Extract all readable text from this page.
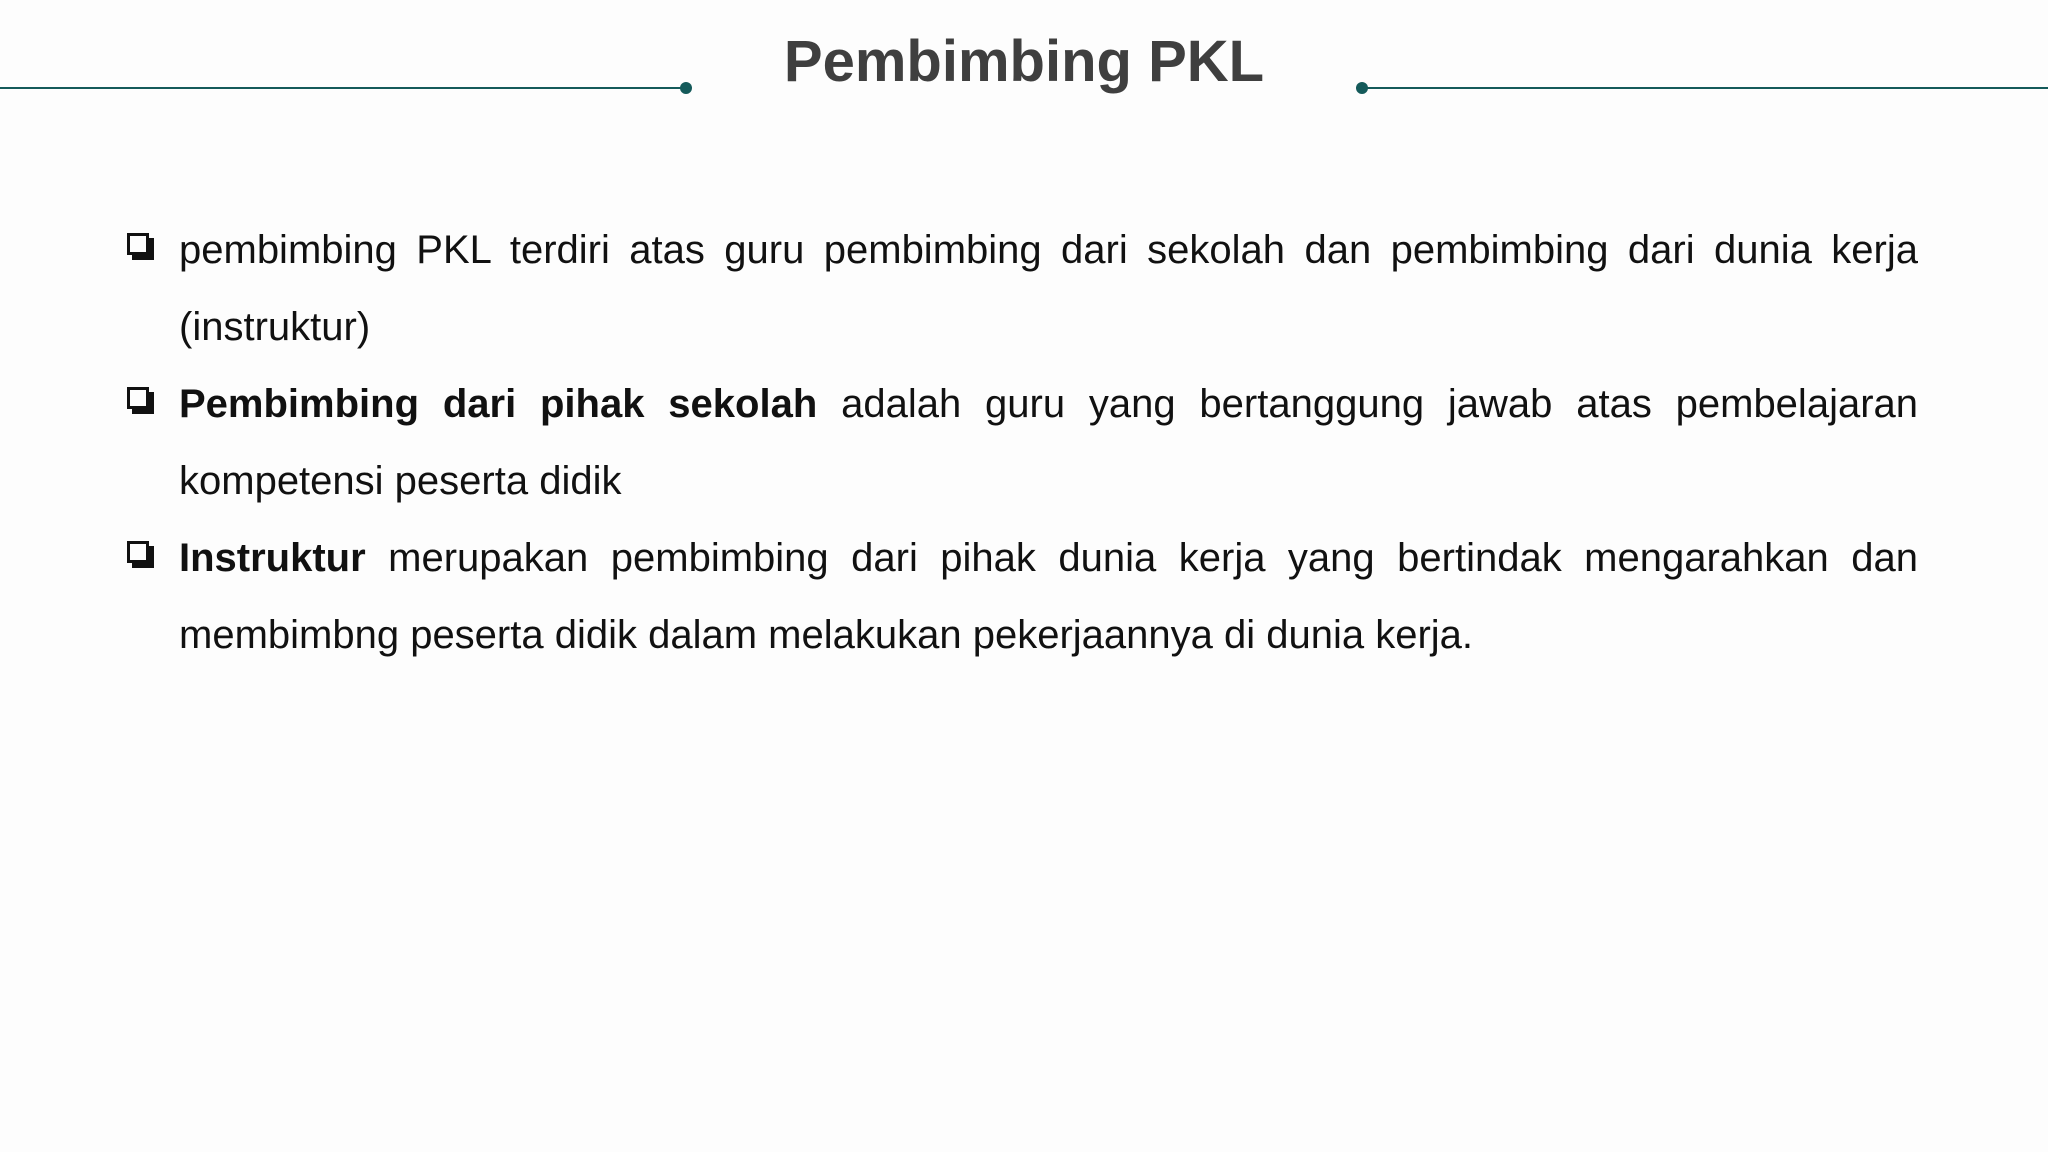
Pembimbing PKL
pembimbing PKL terdiri atas guru pembimbing dari sekolah dan pembimbing dari dunia kerja (instruktur)
Pembimbing dari pihak sekolah adalah guru yang bertanggung jawab atas pembelajaran kompetensi peserta didik
Instruktur merupakan pembimbing dari pihak dunia kerja yang bertindak mengarahkan dan membimbng peserta didik dalam melakukan pekerjaannya di dunia kerja.
